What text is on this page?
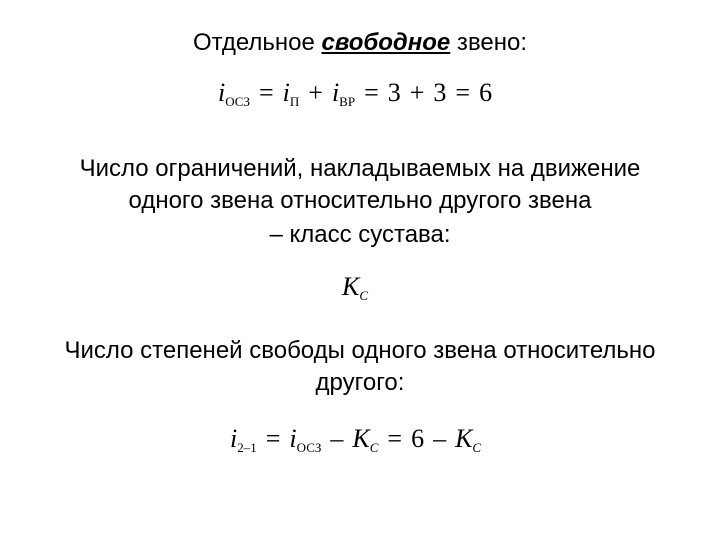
Отдельное свободное звено:
$i_{ОСЗ} = i_П + i_{ВР} = 3 + 3 = 6$
Число ограничений, накладываемых на движение
одного звена относительно другого звена
– класс сустава:
$K_C$
Число степеней свободы одного звена относительно
другого:
$i_{2-1} = i_{ОСЗ} - K_C = 6 - K_C$
